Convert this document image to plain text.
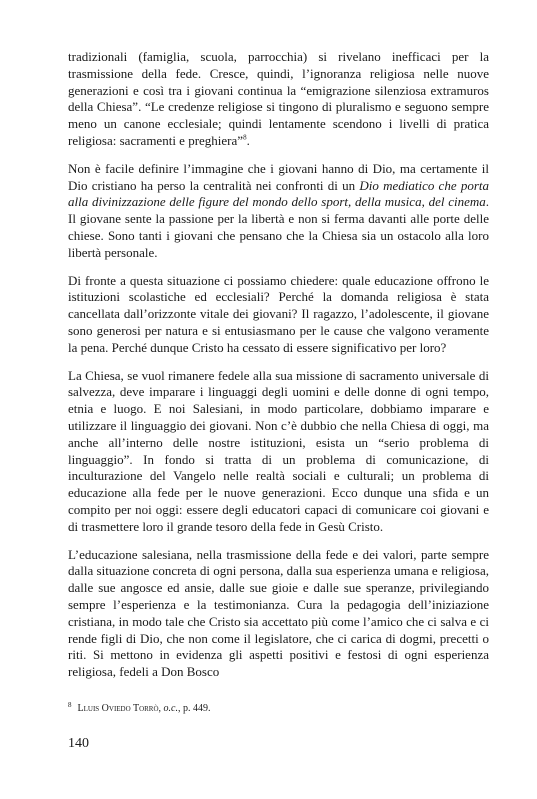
tradizionali (famiglia, scuola, parrocchia) si rivelano inefficaci per la trasmissione della fede. Cresce, quindi, l’ignoranza religiosa nelle nuove generazioni e così tra i giovani continua la “emigrazione silenziosa extramuros della Chiesa”. “Le credenze religiose si tingono di pluralismo e seguono sempre meno un canone ecclesiale; quindi lentamente scendono i livelli di pratica religiosa: sacramenti e preghiera”$^8$.

Non è facile definire l’immagine che i giovani hanno di Dio, ma certamente il Dio cristiano ha perso la centralità nei confronti di un Dio mediatico che porta alla divinizzazione delle figure del mondo dello sport, della musica, del cinema. Il giovane sente la passione per la libertà e non si ferma davanti alle porte delle chiese. Sono tanti i giovani che pensano che la Chiesa sia un ostacolo alla loro libertà personale.

Di fronte a questa situazione ci possiamo chiedere: quale educazione offrono le istituzioni scolastiche ed ecclesiali? Perché la domanda religiosa è stata cancellata dall’orizzonte vitale dei giovani? Il ragazzo, l’adolescente, il giovane sono generosi per natura e si entusiasmano per le cause che valgono veramente la pena. Perché dunque Cristo ha cessato di essere significativo per loro?

La Chiesa, se vuol rimanere fedele alla sua missione di sacramento universale di salvezza, deve imparare i linguaggi degli uomini e delle donne di ogni tempo, etnia e luogo. E noi Salesiani, in modo particolare, dobbiamo imparare e utilizzare il linguaggio dei giovani. Non c’è dubbio che nella Chiesa di oggi, ma anche all’interno delle nostre istituzioni, esista un “serio problema di linguaggio”. In fondo si tratta di un problema di comunicazione, di inculturazione del Vangelo nelle realtà sociali e culturali; un problema di educazione alla fede per le nuove generazioni. Ecco dunque una sfida e un compito per noi oggi: essere degli educatori capaci di comunicare coi giovani e di trasmettere loro il grande tesoro della fede in Gesù Cristo.

L’educazione salesiana, nella trasmissione della fede e dei valori, parte sempre dalla situazione concreta di ogni persona, dalla sua esperienza umana e religiosa, dalle sue angosce ed ansie, dalle sue gioie e dalle sue speranze, privilegiando sempre l’esperienza e la testimonianza. Cura la pedagogia dell’iniziazione cristiana, in modo tale che Cristo sia accettato più come l’amico che ci salva e ci rende figli di Dio, che non come il legislatore, che ci carica di dogmi, precetti o riti. Si mettono in evidenza gli aspetti positivi e festosi di ogni esperienza religiosa, fedeli a Don Bosco

$^8$ Lluis Oviedo Torrò, o.c., p. 449.
140
